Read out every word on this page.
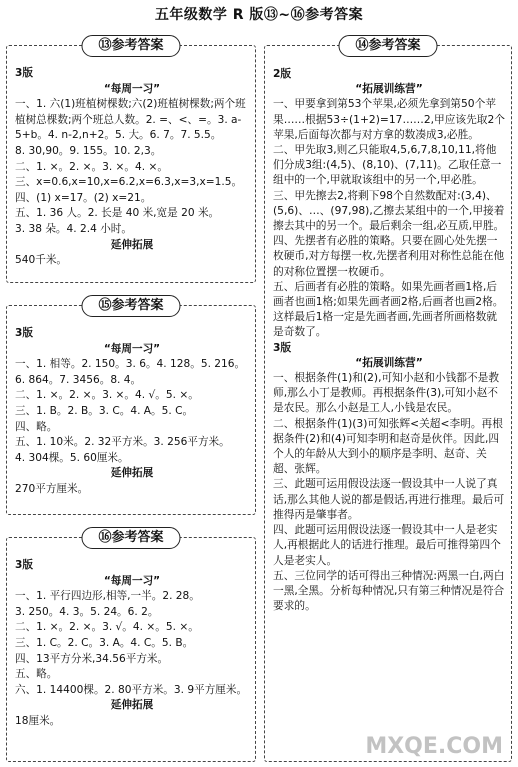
五年级数学 R 版⑬~⑯参考答案
⑬参考答案
3版
“每周一习”
一、1. 六(1)班植树棵数;六(2)班植树棵数;两个班植树总棵数;两个班总人数。2. =、<、=。3. a-5+b。4. n-2,n+2。5. 大。6. 7。7. 5.5。
8. 30,90。9. 155。10. 2,3。
二、1. ×。2. ×。3. ×。4. ×。
三、x=0.6,x=10,x=6.2,x=6.3,x=3,x=1.5。
四、(1) x=17。(2) x=21。
五、1. 36 人。2. 长是 40 米,宽是 20 米。
3. 38 朵。4. 2.4 小时。
延伸拓展
540千米。
⑮参考答案
3版
“每周一习”
一、1. 相等。2. 150。3. 6。4. 128。5. 216。
6. 864。7. 3456。8. 4。
二、1. ×。2. ×。3. ×。4. √。5. ×。
三、1. B。2. B。3. C。4. A。5. C。
四、略。
五、1. 10米。2. 32平方米。3. 256平方米。
4. 304棵。5. 60厘米。
延伸拓展
270平方厘米。
⑯参考答案
3版
“每周一习”
一、1. 平行四边形,相等,一半。2. 28。
3. 250。4. 3。5. 24。6. 2。
二、1. ×。2. ×。3. √。4. ×。5. ×。
三、1. C。2. C。3. A。4. C。5. B。
四、13平方分米,34.56平方米。
五、略。
六、1. 14400棵。2. 80平方米。3. 9平方厘米。
延伸拓展
18厘米。
⑭参考答案
2版
“拓展训练营”
一、甲要拿到第53个苹果,必须先拿到第50个苹果……根据53÷(1+2)=17……2,甲应该先取2个苹果,后面每次都与对方拿的数凑成3,必胜。
二、甲先取3,则乙只能取4,5,6,7,8,10,11,将他们分成3组:(4,5)、(8,10)、(7,11)。乙取任意一组中的一个,甲就取该组中的另一个,甲必胜。
三、甲先擦去2,将剩下98个自然数配对:(3,4)、(5,6)、…、(97,98),乙擦去某组中的一个,甲接着擦去其中的另一个。最后剩余一组,必互质,甲胜。
四、先摆者有必胜的策略。只要在圆心处先摆一枚硬币,对方每摆一枚,先摆者利用对称性总能在他的对称位置摆一枚硬币。
五、后画者有必胜的策略。如果先画者画1格,后画者也画1格;如果先画者画2格,后画者也画2格。这样最后1格一定是先画者画,先画者所画格数就是奇数了。
3版
“拓展训练营”
一、根据条件(1)和(2),可知小赵和小钱都不是教师,那么小丁是教师。再根据条件(3),可知小赵不是农民。那么小赵是工人,小钱是农民。
二、根据条件(1)(3)可知张辉<关超<李明。再根据条件(2)和(4)可知李明和赵奇是伙伴。因此,四个人的年龄从大到小的顺序是李明、赵奇、关超、张辉。
三、此题可运用假设法逐一假设其中一人说了真话,那么其他人说的都是假话,再进行推理。最后可推得丙是肇事者。
四、此题可运用假设法逐一假设其中一人是老实人,再根据此人的话进行推理。最后可推得第四个人是老实人。
五、三位同学的话可得出三种情况:两黑一白,两白一黑,全黑。分析每种情况,只有第三种情况是符合要求的。
MXQE.COM
